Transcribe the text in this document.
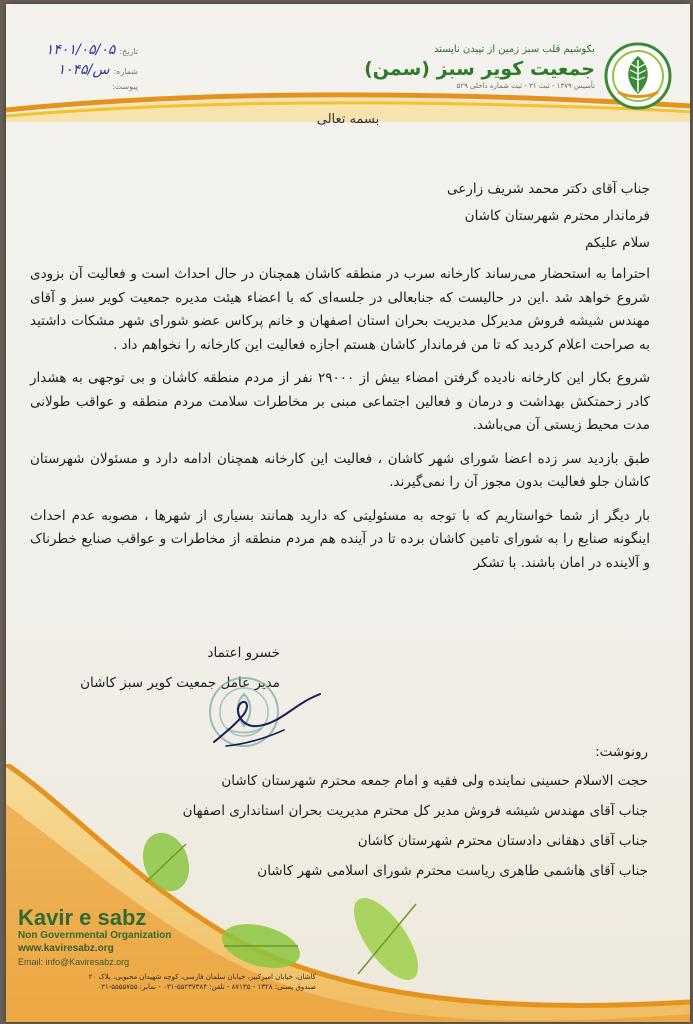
بکوشیم قلب سبز زمین از تپیدن نایستد
جمعیت کویر سبز (سمن)
تأسیس ۱۳۷۹ - ثبت ۳۱ - ثبت شماره داخلی ۵۲۹
تاریخ:
۱۴۰۱/۰۵/۰۵
شماره:
س/۱۰۴۵
پیوست:
بسمه تعالی
جناب آقای دکتر محمد شریف زارعی
فرماندار محترم شهرستان کاشان
سلام علیکم
احتراما به استحضار می‌رساند کارخانه سرب در منطقه کاشان همچنان در حال احداث است و فعالیت آن بزودی شروع خواهد شد .این در حالیست که جنابعالی در جلسه‌ای که با اعضاء هیئت مدیره جمعیت کویر سبز و آقای مهندس شیشه فروش مدیرکل مدیریت بحران استان اصفهان و خانم پرکاس عضو شورای شهر مشکات داشتید به صراحت اعلام کردید که تا من فرماندار کاشان هستم اجازه فعالیت این کارخانه را نخواهم داد .
شروع بکار این کارخانه نادیده گرفتن امضاء بیش از ۲۹۰۰۰ نفر از مردم منطقه کاشان و بی توجهی به هشدار کادر زحمتکش بهداشت و درمان و فعالین اجتماعی مبنی بر مخاطرات سلامت مردم منطقه و عواقب طولانی مدت محیط زیستی آن می‌باشد.
طبق بازدید سر زده اعضا شورای شهر کاشان ، فعالیت این کارخانه همچنان ادامه دارد و مسئولان شهرستان کاشان جلو فعالیت بدون مجوز آن را نمی‌گیرند.
بار دیگر از شما خواستاریم که با توجه به مسئولیتی که دارید همانند بسیاری از شهرها ، مصوبه عدم احداث اینگونه صنایع را به شورای تامین کاشان برده تا در آینده هم مردم منطقه از مخاطرات و عواقب صنایع خطرناک و آلاینده در امان باشند. با تشکر
خسرو اعتماد
مدیر عامل جمعیت کویر سبز کاشان
رونوشت:
حجت الاسلام حسینی نماینده ولی فقیه و امام جمعه محترم شهرستان کاشان
جناب آقای مهندس شیشه فروش مدیر کل محترم مدیریت بحران استانداری اصفهان
جناب آقای دهقانی دادستان محترم شهرستان کاشان
جناب آقای هاشمی طاهری ریاست محترم شورای اسلامی شهر کاشان
Kavir e sabz
Non Governmental Organization
www.kaviresabz.org
Email: info@Kaviresabz.org
کاشان، خیابان امیرکبیر، خیابان سلمان فارسی، کوچه شهیدان محبوبی، پلاک ۲۰
صندوق پستی: ۱۳۲۸ - ۸۷۱۳۵ - تلفن: ۵۵۲۳۷۳۸۴-۰۳۱ - نمابر: ۵۵۵۵۷۵۵-۰۳۱
